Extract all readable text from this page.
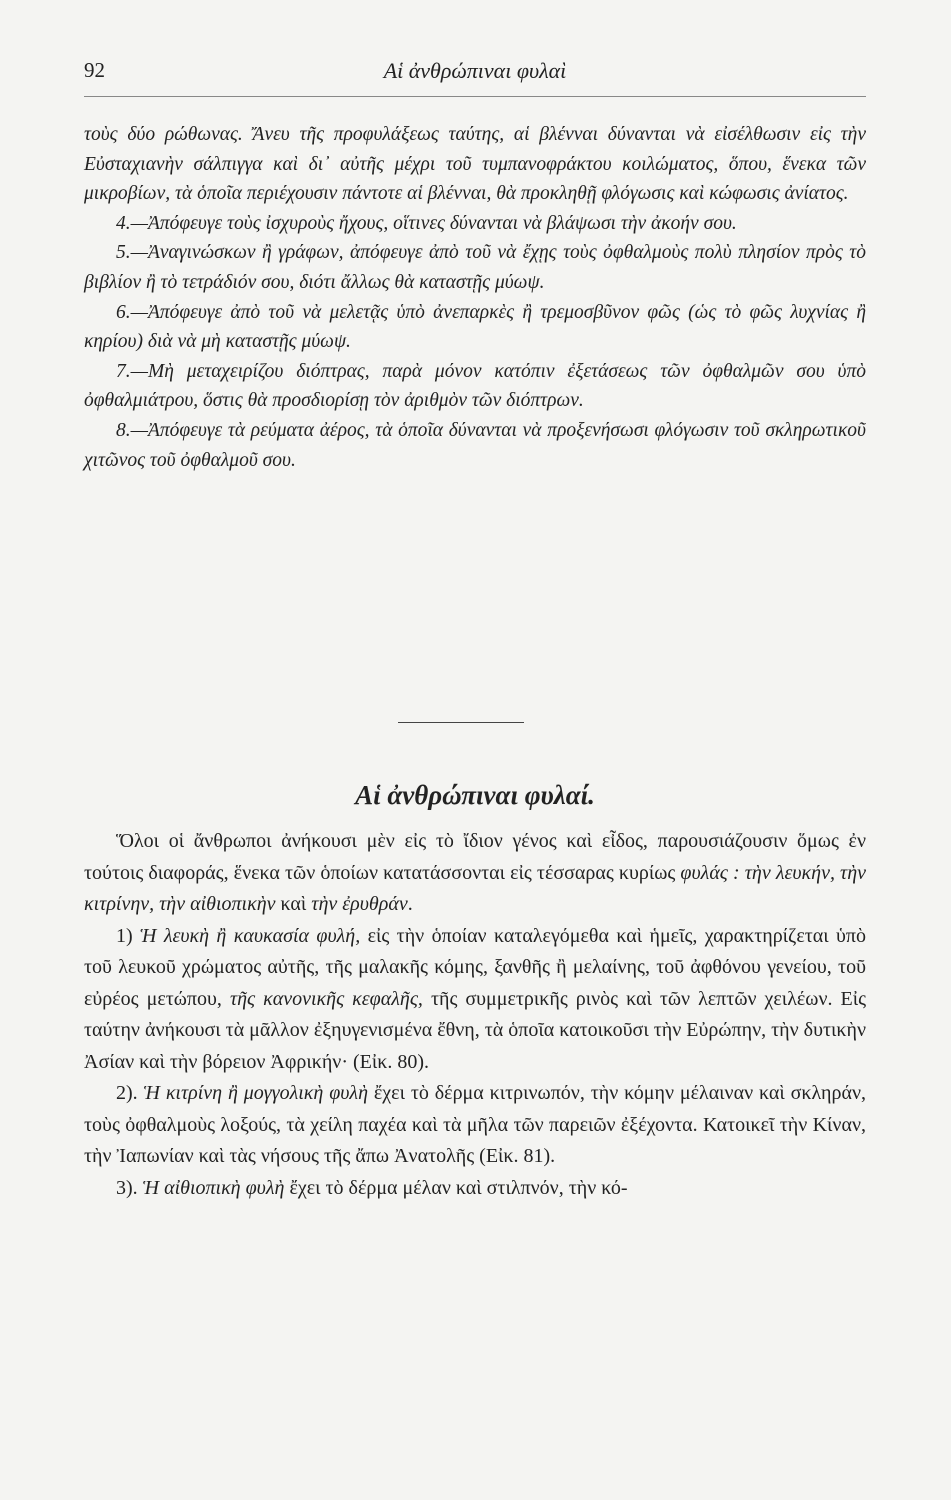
92	Αἱ ἀνθρώπιναι φυλαὶ

τοὺς δύο ρώθωνας. Ἄνευ τῆς προφυλάξεως ταύτης, αἱ βλένναι δύνανται νὰ εἰσέλθωσιν εἰς τὴν Εὐσταχιανὴν σάλπιγγα καὶ δι᾽ αὐτῆς μέχρι τοῦ τυμπανοφράκτου κοιλώματος, ὅπου, ἕνεκα τῶν μικροβίων, τὰ ὁποῖα περιέχουσιν πάντοτε αἱ βλένναι, θὰ προκληθῇ φλόγωσις καὶ κώφωσις ἀνίατος.

4.—Ἀπόφευγε τοὺς ἰσχυροὺς ἤχους, οἵτινες δύνανται νὰ βλάψωσι τὴν ἀκοήν σου.

5.—Ἀναγινώσκων ἢ γράφων, ἀπόφευγε ἀπὸ τοῦ νὰ ἔχῃς τοὺς ὀφθαλμοὺς πολὺ πλησίον πρὸς τὸ βιβλίον ἢ τὸ τετράδιόν σου, διότι ἄλλως θὰ καταστῇς μύωψ.

6.—Ἀπόφευγε ἀπὸ τοῦ νὰ μελετᾷς ὑπὸ ἀνεπαρκὲς ἢ τρεμοσβῦνον φῶς (ὡς τὸ φῶς λυχνίας ἢ κηρίου) διὰ νὰ μὴ καταστῇς μύωψ.

7.—Μὴ μεταχειρίζου διόπτρας, παρὰ μόνον κατόπιν ἐξετάσεως τῶν ὀφθαλμῶν σου ὑπὸ ὀφθαλμιάτρου, ὅστις θὰ προσδιορίσῃ τὸν ἀριθμὸν τῶν διόπτρων.

8.—Ἀπόφευγε τὰ ρεύματα ἀέρος, τὰ ὁποῖα δύνανται νὰ προξενήσωσι φλόγωσιν τοῦ σκληρωτικοῦ χιτῶνος τοῦ ὀφθαλμοῦ σου.

Αἱ ἀνθρώπιναι φυλαί.

Ὅλοι οἱ ἄνθρωποι ἀνήκουσι μὲν εἰς τὸ ἴδιον γένος καὶ εἶδος, παρουσιάζουσιν ὅμως ἐν τούτοις διαφοράς, ἕνεκα τῶν ὁποίων κατατάσσονται εἰς τέσσαρας κυρίως φυλάς : τὴν λευκήν, τὴν κιτρίνην, τὴν αἰθιοπικὴν καὶ τὴν ἐρυθράν.

1) Ἡ λευκὴ ἢ καυκασία φυλή, εἰς τὴν ὁποίαν καταλεγόμεθα καὶ ἡμεῖς, χαρακτηρίζεται ὑπὸ τοῦ λευκοῦ χρώματος αὐτῆς, τῆς μαλακῆς κόμης, ξανθῆς ἢ μελαίνης, τοῦ ἀφθόνου γενείου, τοῦ εὐρέος μετώπου, τῆς κανονικῆς κεφαλῆς, τῆς συμμετρικῆς ρινὸς καὶ τῶν λεπτῶν χειλέων. Εἰς ταύτην ἀνήκουσι τὰ μᾶλλον ἐξηυγενισμένα ἔθνη, τὰ ὁποῖα κατοικοῦσι τὴν Εὐρώπην, τὴν δυτικὴν Ἀσίαν καὶ τὴν βόρειον Ἀφρικήν· (Εἰκ. 80).

2). Ἡ κιτρίνη ἢ μογγολικὴ φυλὴ ἔχει τὸ δέρμα κιτρινωπόν, τὴν κόμην μέλαιναν καὶ σκληράν, τοὺς ὀφθαλμοὺς λοξούς, τὰ χείλη παχέα καὶ τὰ μῆλα τῶν παρειῶν ἐξέχοντα. Κατοικεῖ τὴν Κίναν, τὴν Ἰαπωνίαν καὶ τὰς νήσους τῆς ἄπω Ἀνατολῆς (Εἰκ. 81).

3). Ἡ αἰθιοπικὴ φυλὴ ἔχει τὸ δέρμα μέλαν καὶ στιλπνόν, τὴν κό-
